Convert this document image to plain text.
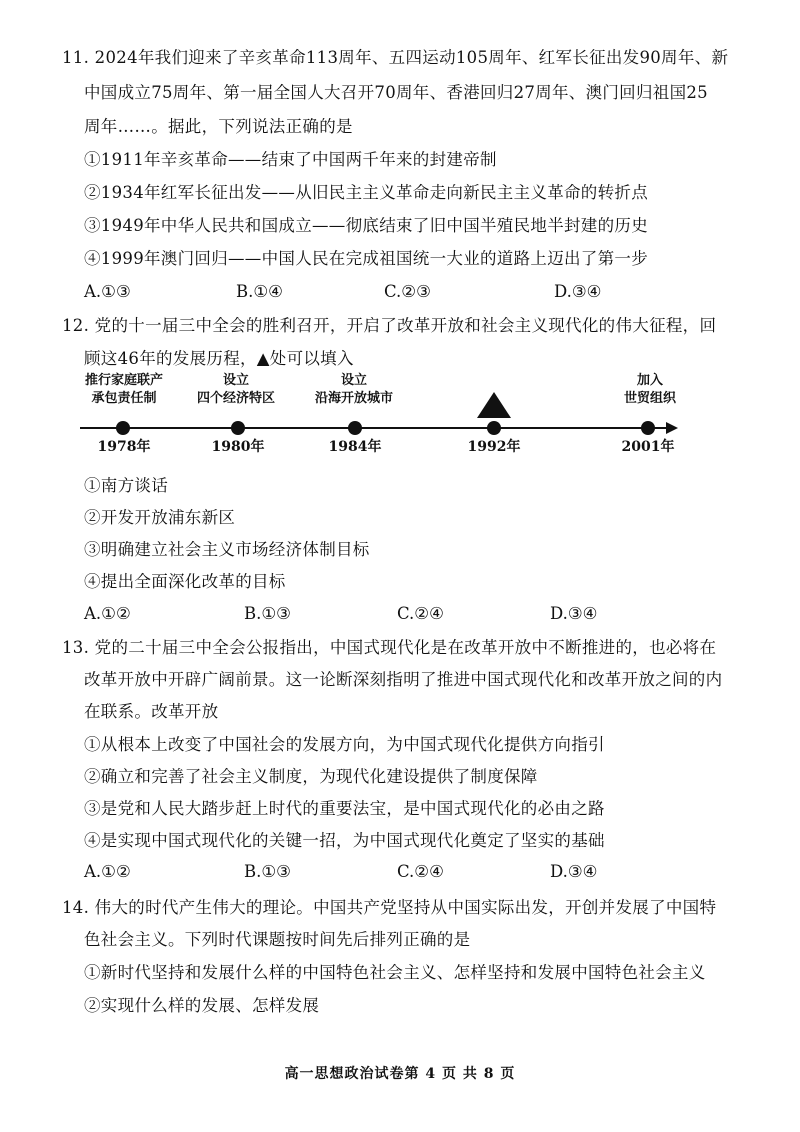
11. 2024年我们迎来了辛亥革命113周年、五四运动105周年、红军长征出发90周年、新
中国成立75周年、第一届全国人大召开70周年、香港回归27周年、澳门回归祖国25
周年……。据此，下列说法正确的是
①1911年辛亥革命——结束了中国两千年来的封建帝制
②1934年红军长征出发——从旧民主主义革命走向新民主主义革命的转折点
③1949年中华人民共和国成立——彻底结束了旧中国半殖民地半封建的历史
④1999年澳门回归——中国人民在完成祖国统一大业的道路上迈出了第一步
A.①③	B.①④	C.②③	D.③④
12. 党的十一届三中全会的胜利召开，开启了改革开放和社会主义现代化的伟大征程，回
顾这46年的发展历程，▲处可以填入
推行家庭联产
承包责任制
1978年
设立
四个经济特区
1980年
设立
沿海开放城市
1984年	1992年
加入
世贸组织
2001年
①南方谈话
②开发开放浦东新区
③明确建立社会主义市场经济体制目标
④提出全面深化改革的目标
A.①②	B.①③	C.②④	D.③④
13. 党的二十届三中全会公报指出，中国式现代化是在改革开放中不断推进的，也必将在
改革开放中开辟广阔前景。这一论断深刻指明了推进中国式现代化和改革开放之间的内
在联系。改革开放
①从根本上改变了中国社会的发展方向，为中国式现代化提供方向指引
②确立和完善了社会主义制度，为现代化建设提供了制度保障
③是党和人民大踏步赶上时代的重要法宝，是中国式现代化的必由之路
④是实现中国式现代化的关键一招，为中国式现代化奠定了坚实的基础
A.①②	B.①③	C.②④	D.③④
14. 伟大的时代产生伟大的理论。中国共产党坚持从中国实际出发，开创并发展了中国特
色社会主义。下列时代课题按时间先后排列正确的是
①新时代坚持和发展什么样的中国特色社会主义、怎样坚持和发展中国特色社会主义
②实现什么样的发展、怎样发展
高一思想政治试卷第 4 页 共 8 页
